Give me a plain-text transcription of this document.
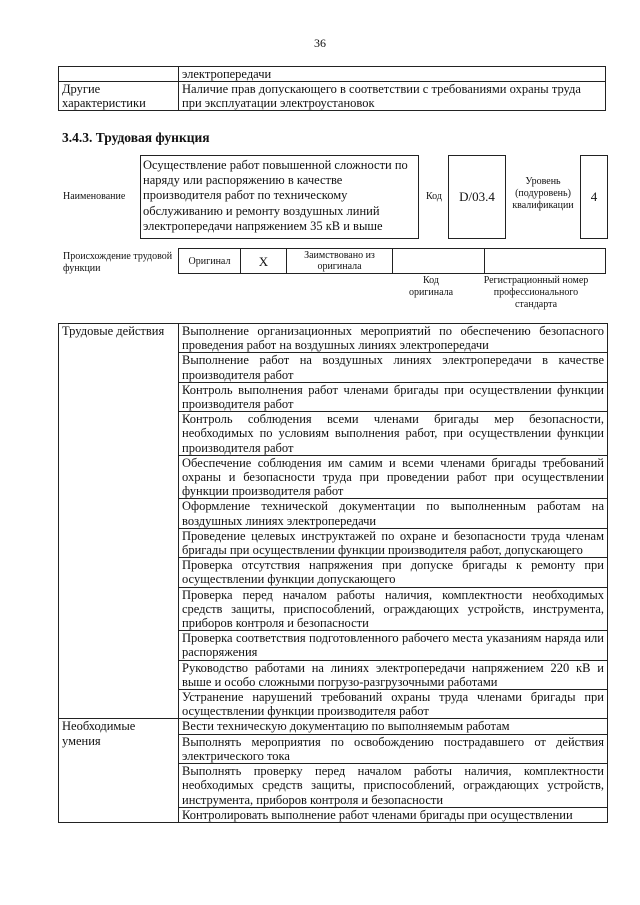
36
	электропередачи
Другие характеристики	Наличие прав допускающего в соответствии с требованиями охраны труда при эксплуатации электроустановок
3.4.3. Трудовая функция
Наименование
Осуществление работ повышенной сложности по наряду или распоряжению в качестве производителя работ по техническому обслуживанию и ремонту воздушных линий электропередачи напряжением 35 кВ и выше
Код D/03.4
Уровень (подуровень) квалификации
4
Происхождение трудовой функции
Оригинал	X	Заимствовано из оригинала		
Код оригинала
Регистрационный номер профессионального стандарта
Трудовые действия	Выполнение организационных мероприятий по обеспечению безопасного проведения работ на воздушных линиях электропередачи
	Выполнение работ на воздушных линиях электропередачи в качестве производителя работ
	Контроль выполнения работ членами бригады при осуществлении функции производителя работ
	Контроль соблюдения всеми членами бригады мер безопасности, необходимых по условиям выполнения работ, при осуществлении функции производителя работ
	Обеспечение соблюдения им самим и всеми членами бригады требований охраны и безопасности труда при проведении работ при осуществлении функции производителя работ
	Оформление технической документации по выполненным работам на воздушных линиях электропередачи
	Проведение целевых инструктажей по охране и безопасности труда членам бригады при осуществлении функции производителя работ, допускающего
	Проверка отсутствия напряжения при допуске бригады к ремонту при осуществлении функции допускающего
	Проверка перед началом работы наличия, комплектности необходимых средств защиты, приспособлений, ограждающих устройств, инструмента, приборов контроля и безопасности
	Проверка соответствия подготовленного рабочего места указаниям наряда или распоряжения
	Руководство работами на линиях электропередачи напряжением 220 кВ и выше и особо сложными погрузо-разгрузочными работами
	Устранение нарушений требований охраны труда членами бригады при осуществлении функции производителя работ
Необходимые умения	Вести техническую документацию по выполняемым работам
	Выполнять мероприятия по освобождению пострадавшего от действия электрического тока
	Выполнять проверку перед началом работы наличия, комплектности необходимых средств защиты, приспособлений, ограждающих устройств, инструмента, приборов контроля и безопасности
	Контролировать выполнение работ членами бригады при осуществлении
